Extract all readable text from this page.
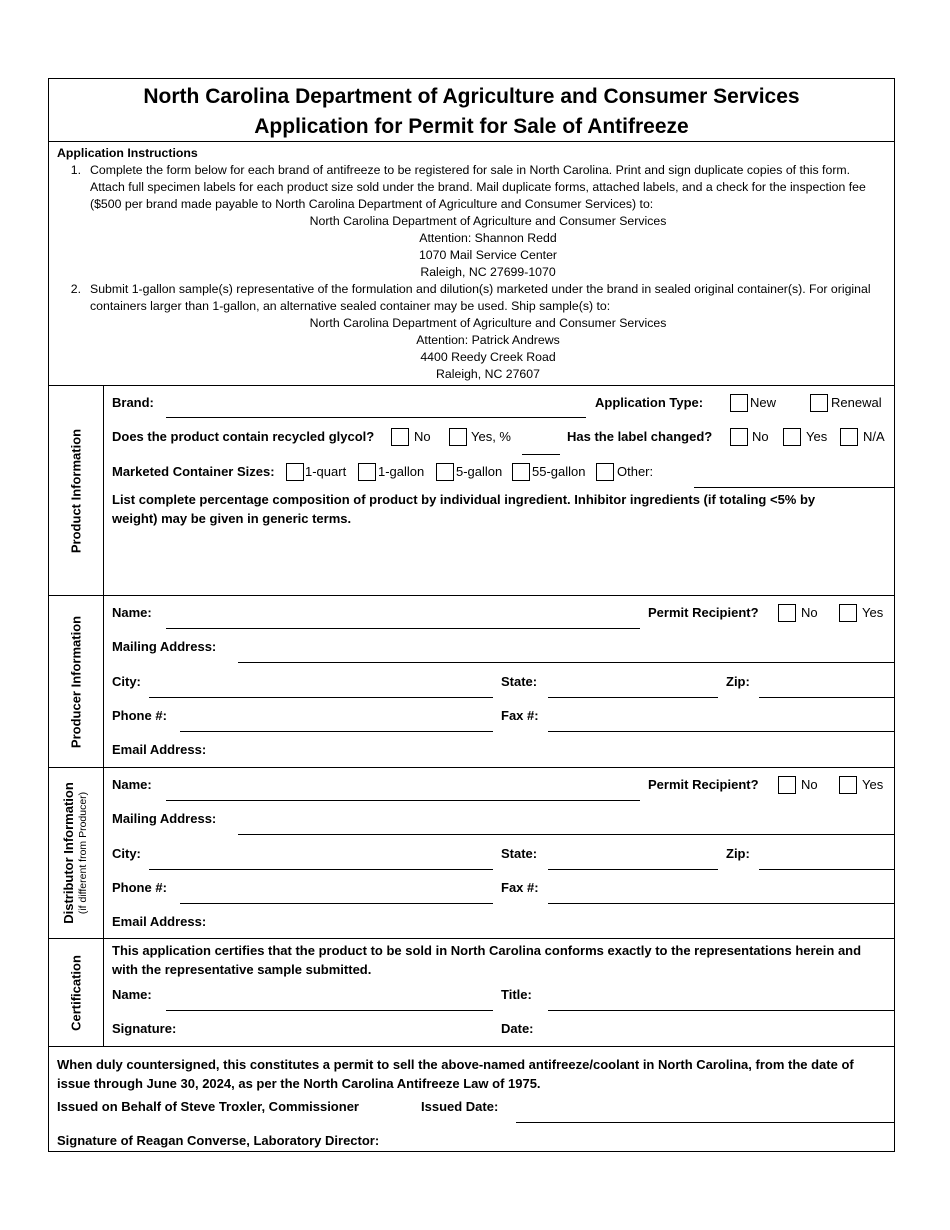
North Carolina Department of Agriculture and Consumer Services
Application for Permit for Sale of Antifreeze
Application Instructions
1. Complete the form below for each brand of antifreeze to be registered for sale in North Carolina. Print and sign duplicate copies of this form. Attach full specimen labels for each product size sold under the brand. Mail duplicate forms, attached labels, and a check for the inspection fee ($500 per brand made payable to North Carolina Department of Agriculture and Consumer Services) to:
North Carolina Department of Agriculture and Consumer Services
Attention: Shannon Redd
1070 Mail Service Center
Raleigh, NC 27699-1070
2. Submit 1-gallon sample(s) representative of the formulation and dilution(s) marketed under the brand in sealed original container(s). For original containers larger than 1-gallon, an alternative sealed container may be used. Ship sample(s) to:
North Carolina Department of Agriculture and Consumer Services
Attention: Patrick Andrews
4400 Reedy Creek Road
Raleigh, NC 27607
Product Information
Brand:	Application Type:	New	Renewal
Does the product contain recycled glycol?	No	Yes, %	Has the label changed?	No	Yes	N/A
Marketed Container Sizes: 1-quart 1-gallon 5-gallon 55-gallon Other:
List complete percentage composition of product by individual ingredient. Inhibitor ingredients (if totaling <5% by weight) may be given in generic terms.
Producer Information
Name:	Permit Recipient?	No	Yes
Mailing Address:
City:	State:	Zip:
Phone #:	Fax #:
Email Address:
Distributor Information (if different from Producer)
Name:	Permit Recipient?	No	Yes
Mailing Address:
City:	State:	Zip:
Phone #:	Fax #:
Email Address:
Certification
This application certifies that the product to be sold in North Carolina conforms exactly to the representations herein and with the representative sample submitted.
Name:	Title:
Signature:	Date:
When duly countersigned, this constitutes a permit to sell the above-named antifreeze/coolant in North Carolina, from the date of issue through June 30, 2024, as per the North Carolina Antifreeze Law of 1975.
Issued on Behalf of Steve Troxler, Commissioner	Issued Date:
Signature of Reagan Converse, Laboratory Director:
